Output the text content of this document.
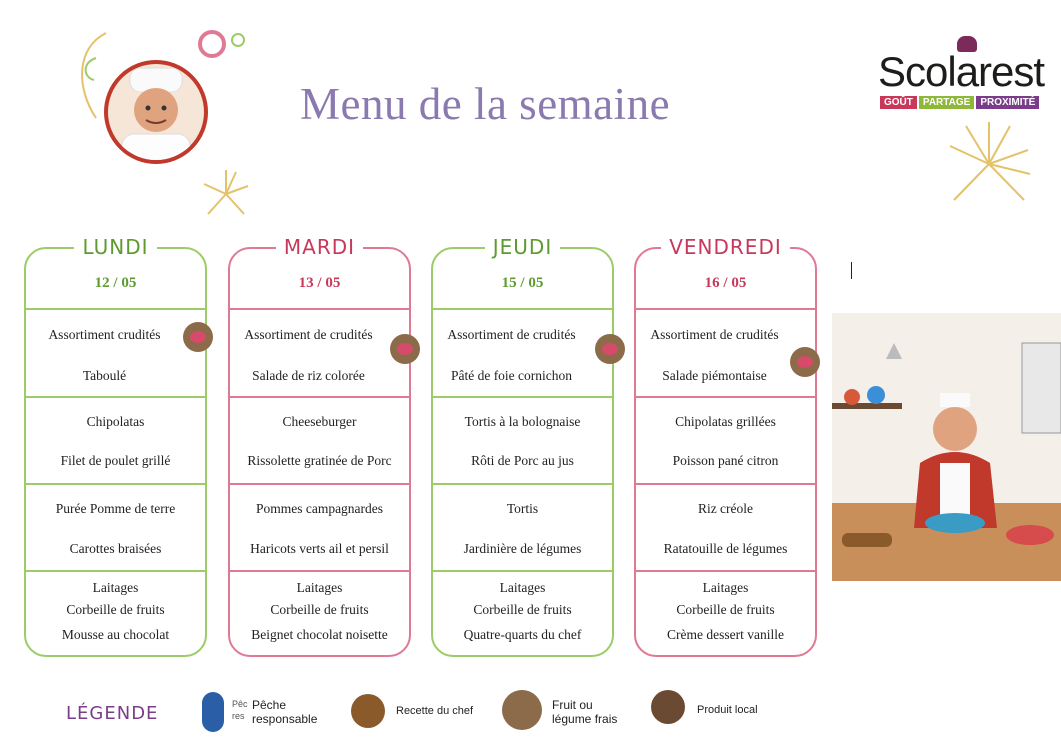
Menu de la semaine
Scolarest
GOÛT	PARTAGE	PROXIMITÉ
LUNDI
12 / 05
Assortiment crudités
Taboulé
Chipolatas
Filet de poulet grillé
Purée Pomme de terre
Carottes braisées
Laitages
Corbeille de fruits
Mousse au chocolat
MARDI
13 / 05
Assortiment de crudités
Salade de riz colorée
Cheeseburger
Rissolette gratinée de Porc
Pommes campagnardes
Haricots verts ail et persil
Laitages
Corbeille de fruits
Beignet chocolat noisette
JEUDI
15 / 05
Assortiment de crudités
Pâté de foie cornichon
Tortis à la bolognaise
Rôti de Porc au jus
Tortis
Jardinière de légumes
Laitages
Corbeille de fruits
Quatre-quarts du chef
VENDREDI
16 / 05
Assortiment de crudités
Salade piémontaise
Chipolatas grillées
Poisson pané citron
Riz créole
Ratatouille de légumes
Laitages
Corbeille de fruits
Crème dessert vanille
LÉGENDE	Pêc res
Pêche responsable
Recette du chef	Fruit ou légume frais
Produit local
